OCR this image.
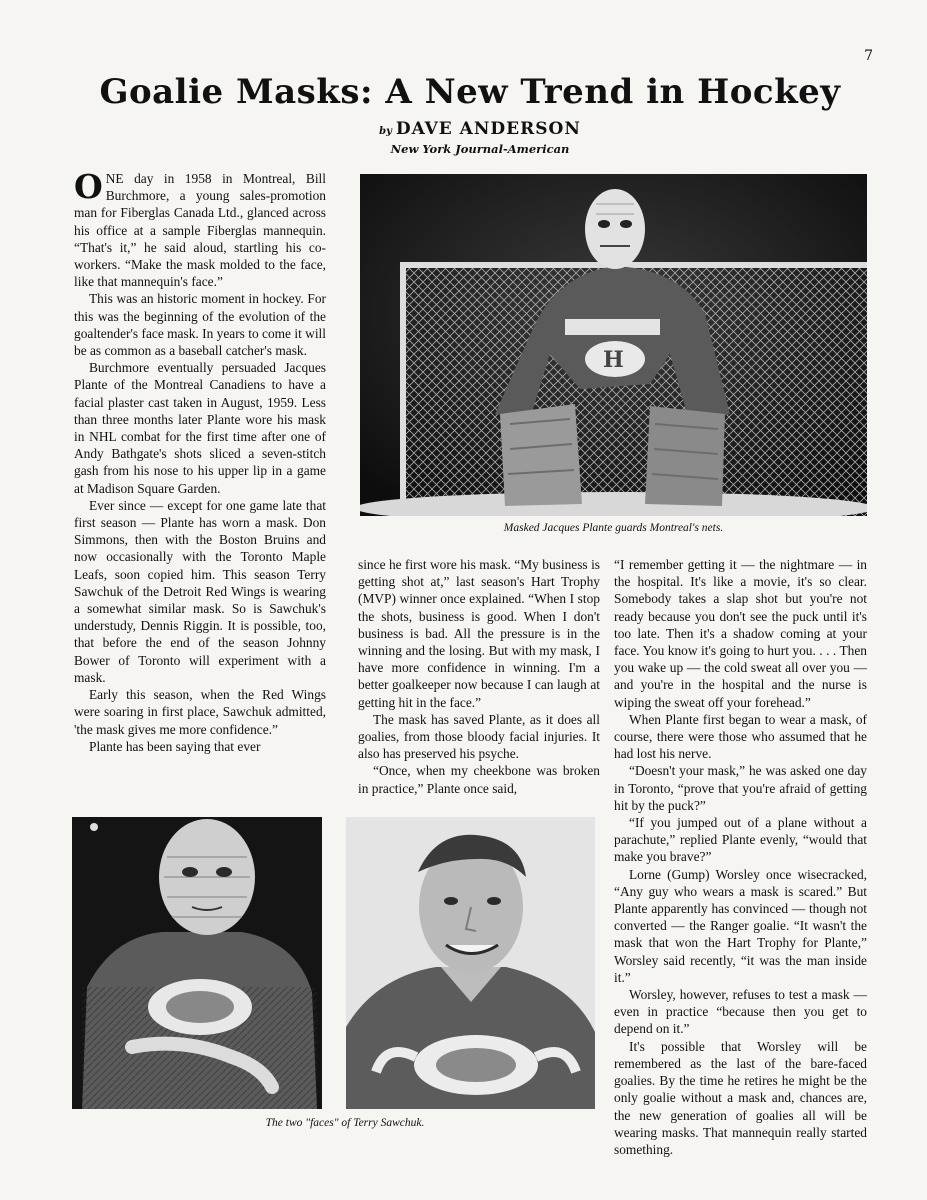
7
Goalie Masks: A New Trend in Hockey
by DAVE ANDERSON
New York Journal-American

ONE day in 1958 in Montreal, Bill Burchmore, a young sales-promotion man for Fiberglas Canada Ltd., glanced across his office at a sample Fiberglas mannequin. “That's it,” he said aloud, startling his co-workers. “Make the mask molded to the face, like that mannequin's face.”

This was an historic moment in hockey. For this was the beginning of the evolution of the goaltender's face mask. In years to come it will be as common as a baseball catcher's mask.

Burchmore eventually persuaded Jacques Plante of the Montreal Canadiens to have a facial plaster cast taken in August, 1959. Less than three months later Plante wore his mask in NHL combat for the first time after one of Andy Bathgate's shots sliced a seven-stitch gash from his nose to his upper lip in a game at Madison Square Garden.

Ever since — except for one game late that first season — Plante has worn a mask. Don Simmons, then with the Boston Bruins and now occasionally with the Toronto Maple Leafs, soon copied him. This season Terry Sawchuk of the Detroit Red Wings is wearing a somewhat similar mask. So is Sawchuk's understudy, Dennis Riggin. It is possible, too, that before the end of the season Johnny Bower of Toronto will experiment with a mask.

Early this season, when the Red Wings were soaring in first place, Sawchuk admitted, 'the mask gives me more confidence.”

Plante has been saying that ever

H
Masked Jacques Plante guards Montreal's nets.

since he first wore his mask. “My business is getting shot at,” last season's Hart Trophy (MVP) winner once explained. “When I stop the shots, business is good. When I don't business is bad. All the pressure is in the winning and the losing. But with my mask, I have more confidence in winning. I'm a better goalkeeper now because I can laugh at getting hit in the face.”

The mask has saved Plante, as it does all goalies, from those bloody facial injuries. It also has preserved his psyche.

“Once, when my cheekbone was broken in practice,” Plante once said,

“I remember getting it — the nightmare — in the hospital. It's like a movie, it's so clear. Somebody takes a slap shot but you're not ready because you don't see the puck until it's too late. Then it's a shadow coming at your face. You know it's going to hurt you. . . . Then you wake up — the cold sweat all over you — and you're in the hospital and the nurse is wiping the sweat off your forehead.”

When Plante first began to wear a mask, of course, there were those who assumed that he had lost his nerve.

“Doesn't your mask,” he was asked one day in Toronto, “prove that you're afraid of getting hit by the puck?”

“If you jumped out of a plane without a parachute,” replied Plante evenly, “would that make you brave?”

Lorne (Gump) Worsley once wisecracked, “Any guy who wears a mask is scared.” But Plante apparently has convinced — though not converted — the Ranger goalie. “It wasn't the mask that won the Hart Trophy for Plante,” Worsley said recently, “it was the man inside it.”

Worsley, however, refuses to test a mask — even in practice “because then you get to depend on it.”

It's possible that Worsley will be remembered as the last of the bare-faced goalies. By the time he retires he might be the only goalie without a mask and, chances are, the new generation of goalies all will be wearing masks. That mannequin really started something.

The two "faces" of Terry Sawchuk.
